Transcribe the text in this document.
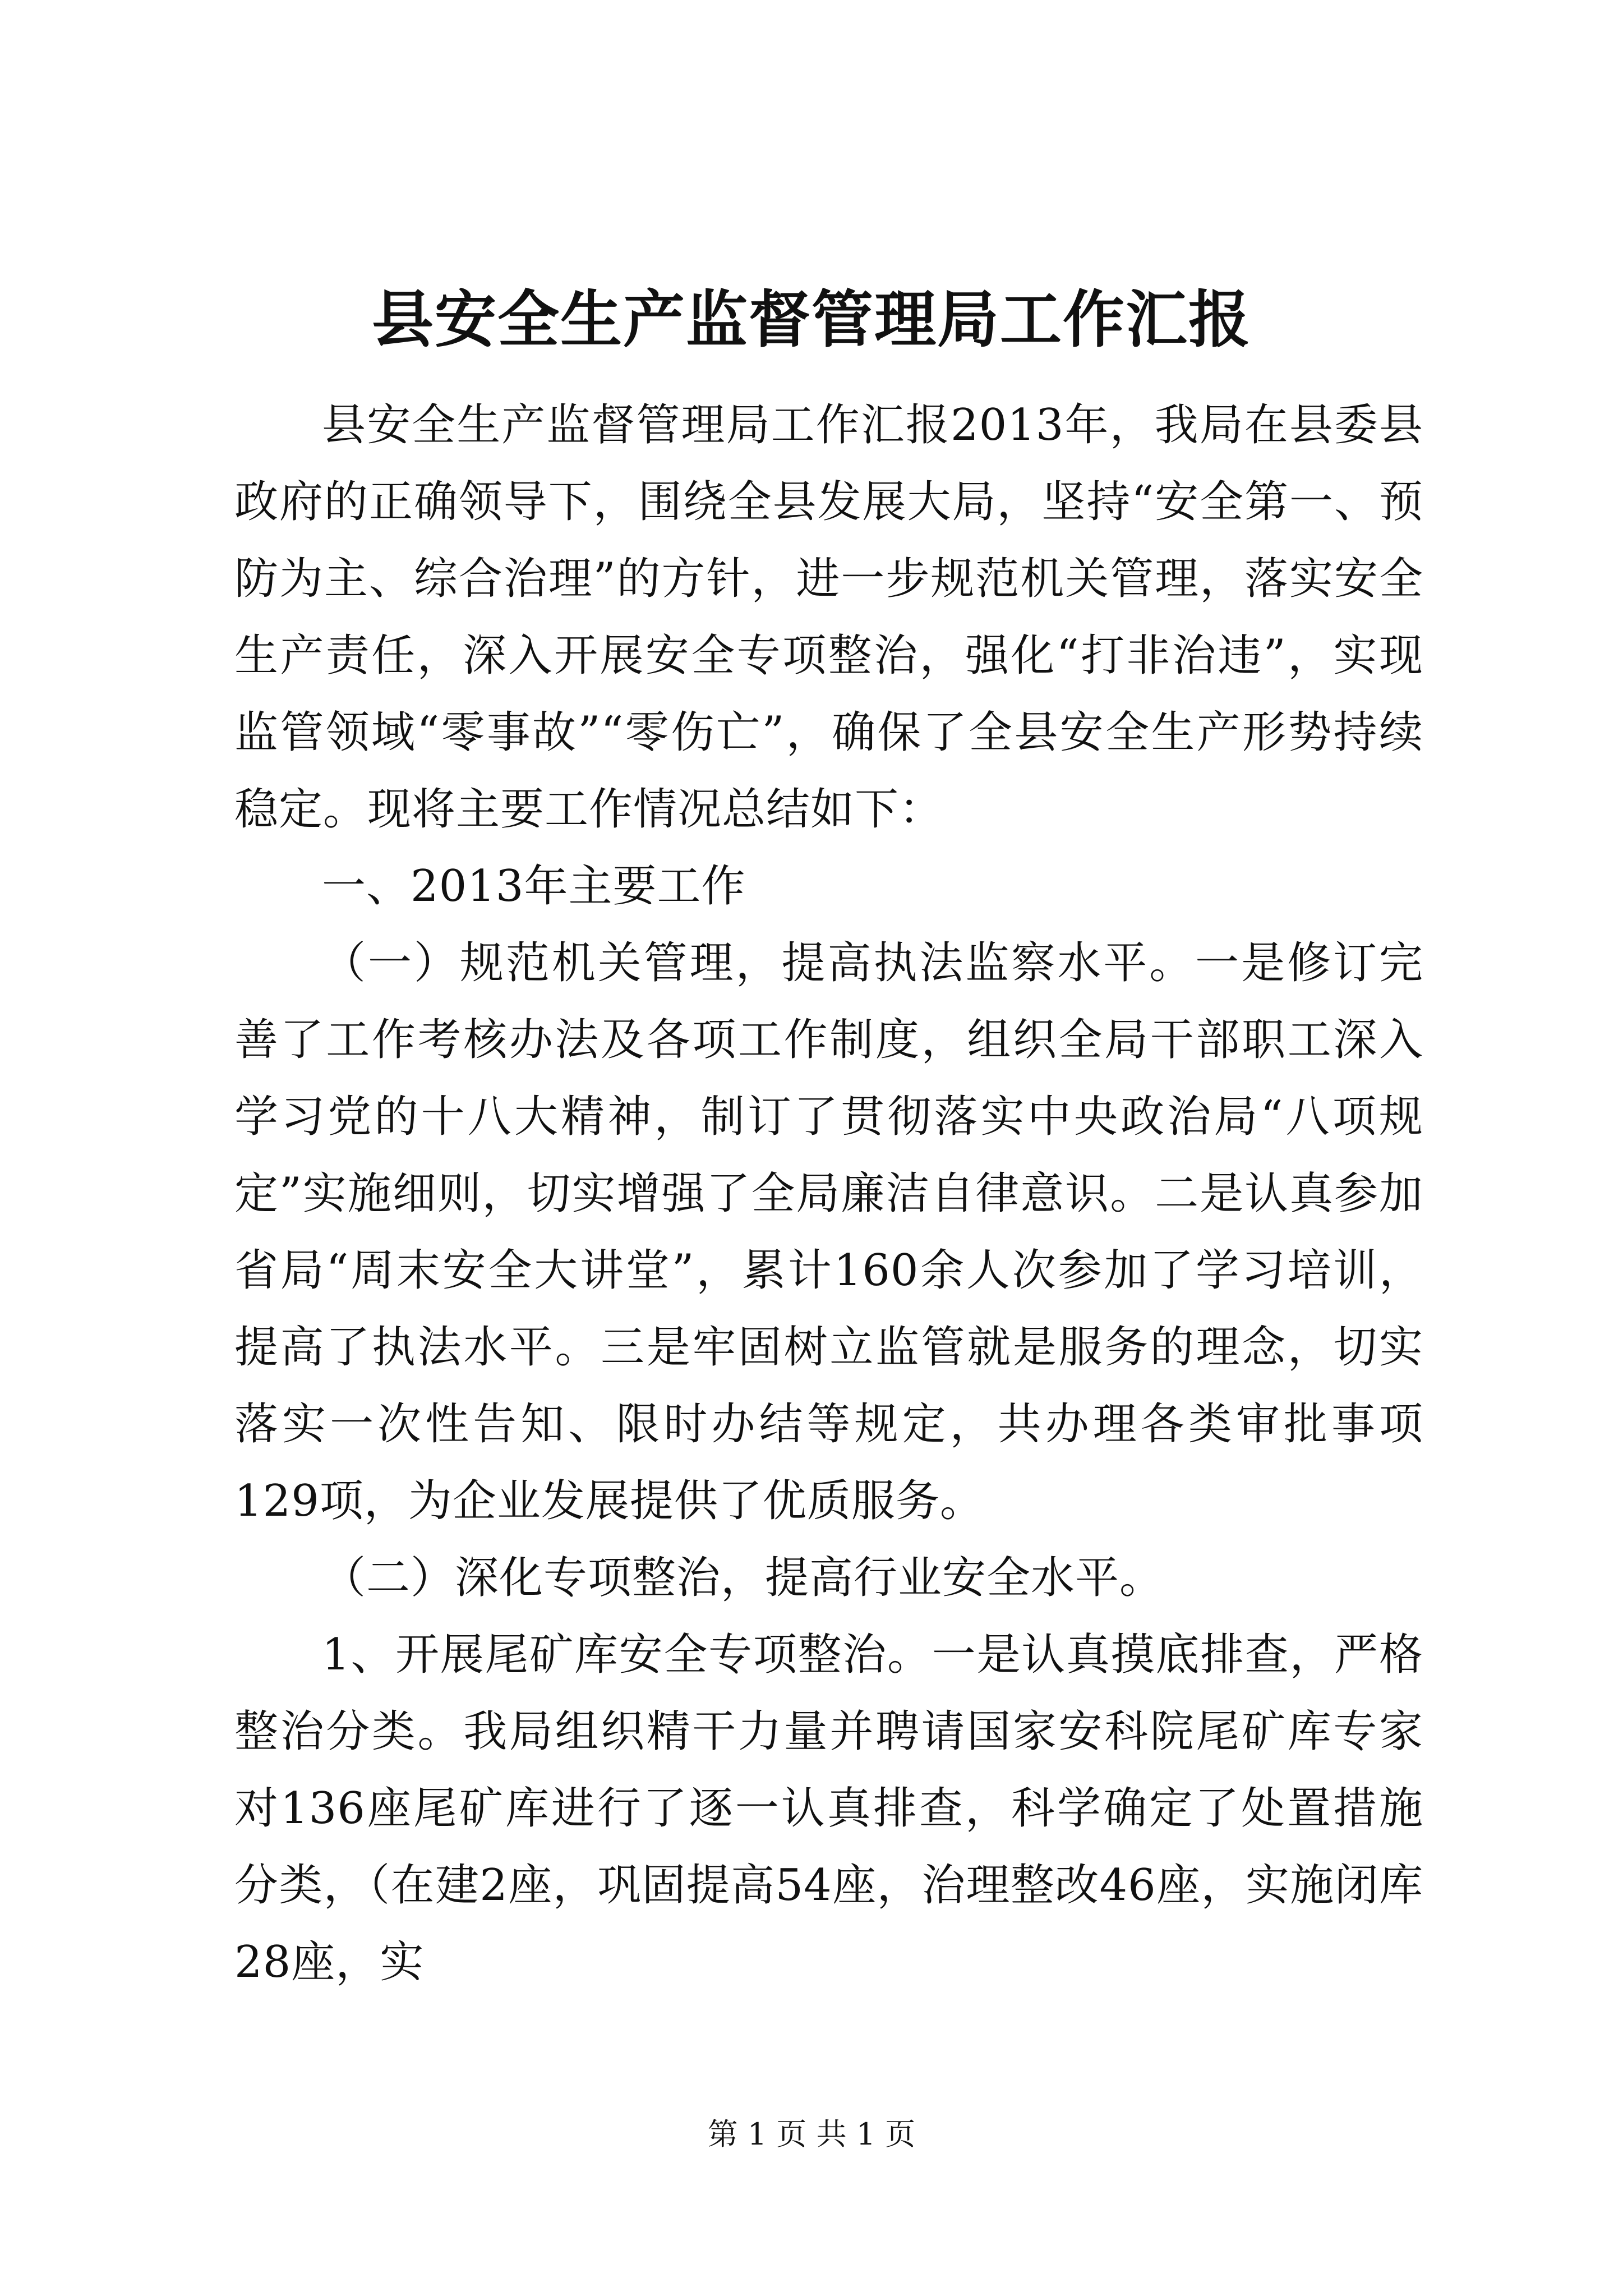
县安全生产监督管理局工作汇报

县安全生产监督管理局工作汇报2013年，我局在县委县政府的正确领导下，围绕全县发展大局，坚持“安全第一、预防为主、综合治理”的方针，进一步规范机关管理，落实安全生产责任，深入开展安全专项整治，强化“打非治违”，实现监管领域“零事故”“零伤亡”，确保了全县安全生产形势持续稳定。现将主要工作情况总结如下：

一、2013年主要工作

（一）规范机关管理，提高执法监察水平。一是修订完善了工作考核办法及各项工作制度，组织全局干部职工深入学习党的十八大精神，制订了贯彻落实中央政治局“八项规定”实施细则，切实增强了全局廉洁自律意识。二是认真参加省局“周末安全大讲堂”，累计160余人次参加了学习培训，提高了执法水平。三是牢固树立监管就是服务的理念，切实落实一次性告知、限时办结等规定，共办理各类审批事项129项，为企业发展提供了优质服务。

（二）深化专项整治，提高行业安全水平。

1、开展尾矿库安全专项整治。一是认真摸底排查，严格整治分类。我局组织精干力量并聘请国家安科院尾矿库专家对136座尾矿库进行了逐一认真排查，科学确定了处置措施分类，（在建2座，巩固提高54座，治理整改46座，实施闭库28座，实

第 1 页 共 1 页
